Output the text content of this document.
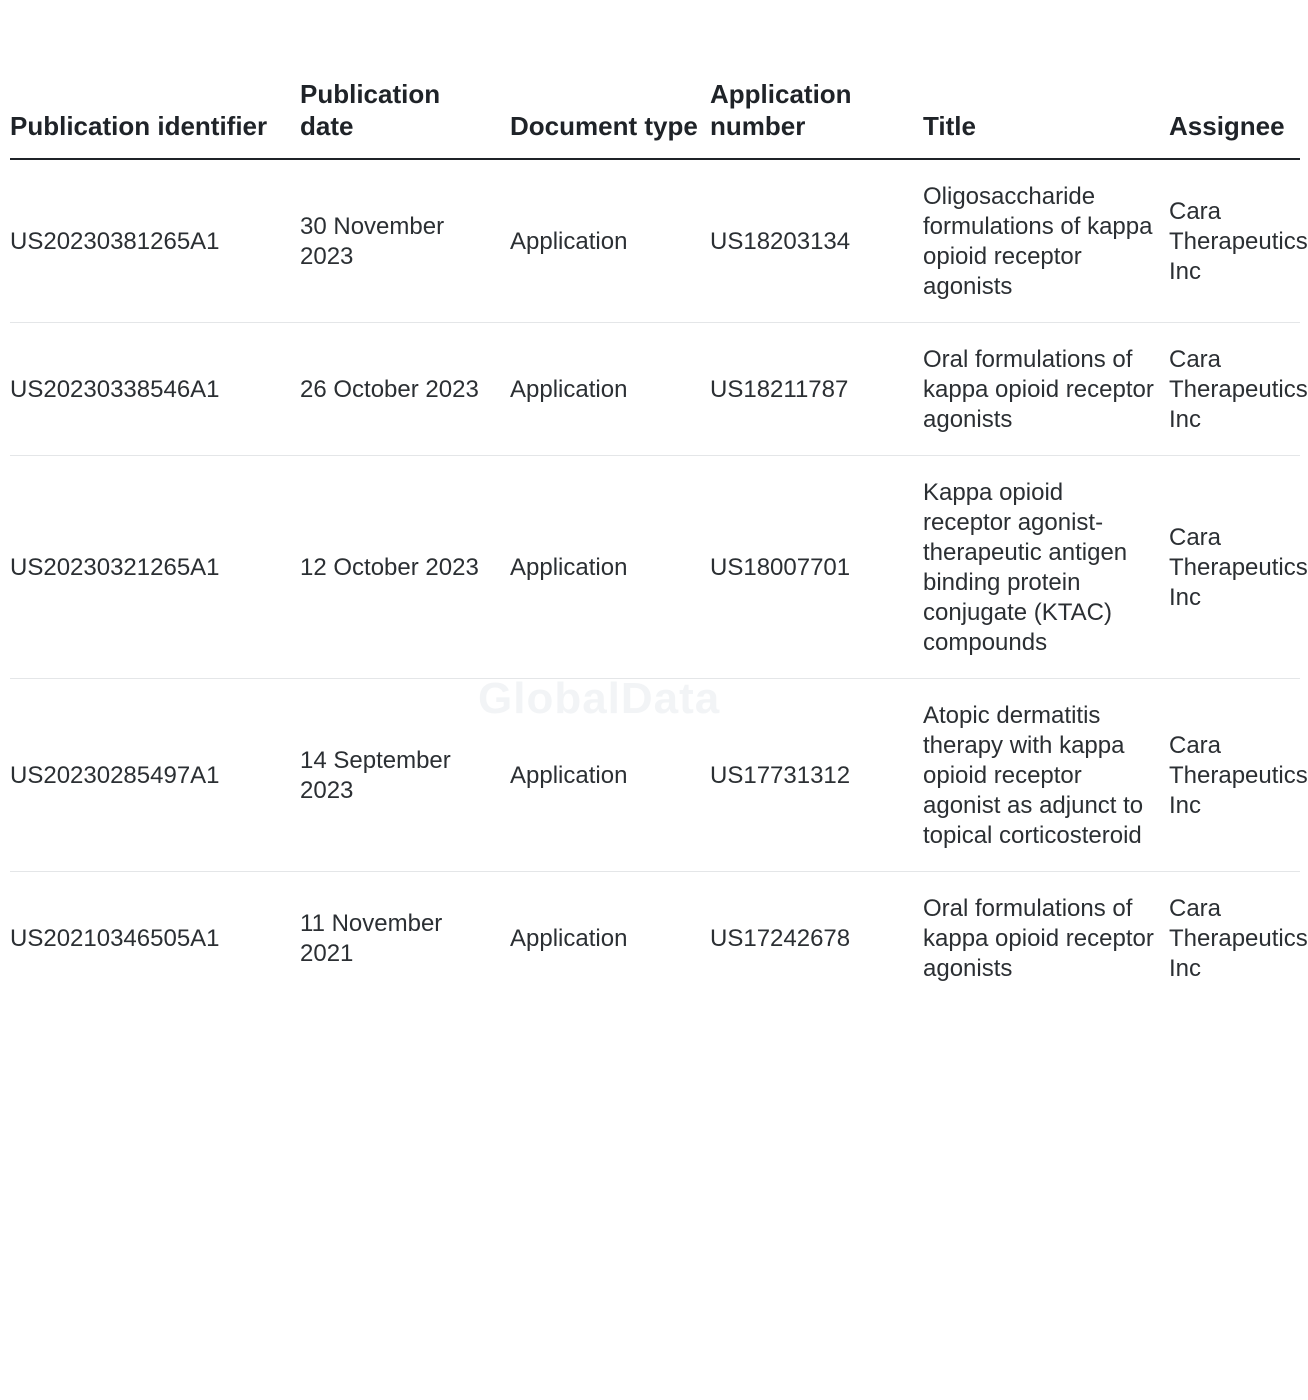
GlobalData
Publication identifier	Publication date	Document type	Application number	Title	Assignee
US20230381265A1	30 November 2023	Application	US18203134	Oligosaccharide formulations of kappa opioid receptor agonists	Cara Therapeutics Inc
US20230338546A1	26 October 2023	Application	US18211787	Oral formulations of kappa opioid receptor agonists	Cara Therapeutics Inc
US20230321265A1	12 October 2023	Application	US18007701	Kappa opioid receptor agonist-therapeutic antigen binding protein conjugate (KTAC) compounds	Cara Therapeutics Inc
US20230285497A1	14 September 2023	Application	US17731312	Atopic dermatitis therapy with kappa opioid receptor agonist as adjunct to topical corticosteroid	Cara Therapeutics Inc
US20210346505A1	11 November 2021	Application	US17242678	Oral formulations of kappa opioid receptor agonists	Cara Therapeutics Inc
